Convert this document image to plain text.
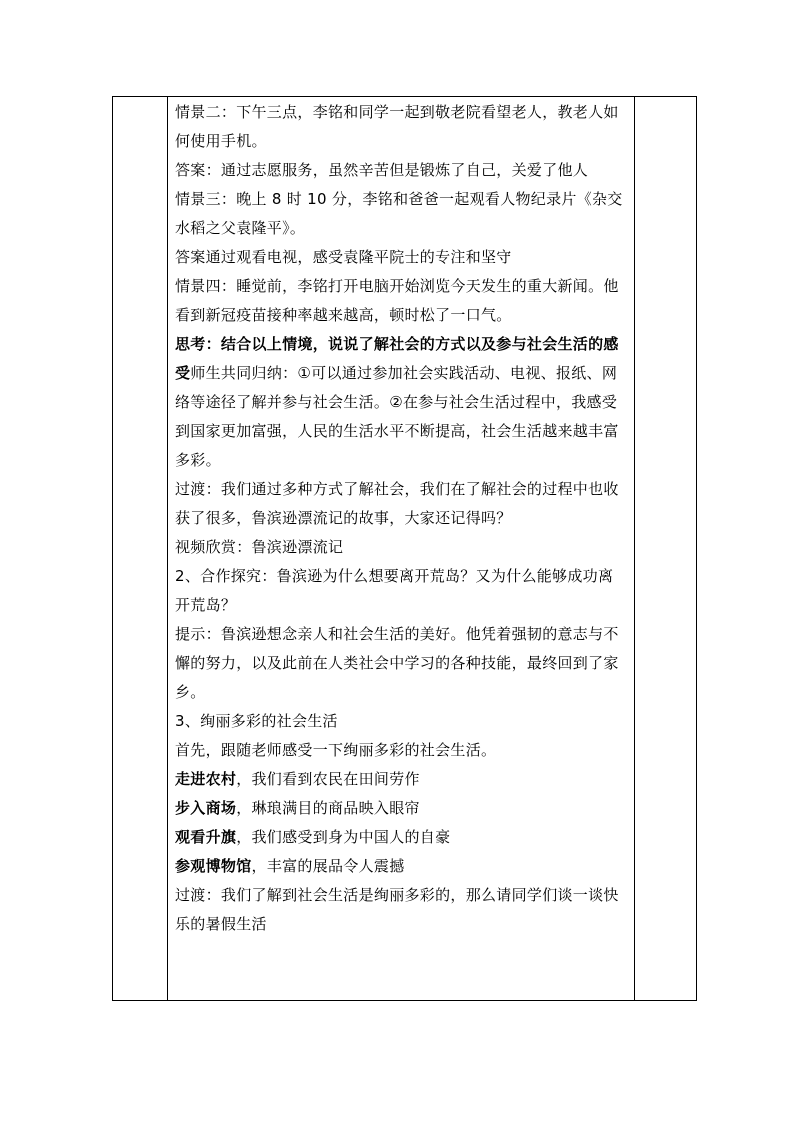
情景二：下午三点，李铭和同学一起到敬老院看望老人，教老人如何使用手机。

答案：通过志愿服务，虽然辛苦但是锻炼了自己，关爱了他人

情景三：晚上 8 时 10 分，李铭和爸爸一起观看人物纪录片《杂交水稻之父袁隆平》。

答案通过观看电视，感受袁隆平院士的专注和坚守

情景四：睡觉前，李铭打开电脑开始浏览今天发生的重大新闻。他看到新冠疫苗接种率越来越高，顿时松了一口气。

思考：结合以上情境，说说了解社会的方式以及参与社会生活的感受师生共同归纳：①可以通过参加社会实践活动、电视、报纸、网络等途径了解并参与社会生活。②在参与社会生活过程中，我感受到国家更加富强，人民的生活水平不断提高，社会生活越来越丰富多彩。

过渡：我们通过多种方式了解社会，我们在了解社会的过程中也收获了很多，鲁滨逊漂流记的故事，大家还记得吗？

视频欣赏：鲁滨逊漂流记

2、合作探究：鲁滨逊为什么想要离开荒岛？又为什么能够成功离开荒岛？

提示：鲁滨逊想念亲人和社会生活的美好。他凭着强韧的意志与不懈的努力，以及此前在人类社会中学习的各种技能，最终回到了家乡。

3、绚丽多彩的社会生活

首先，跟随老师感受一下绚丽多彩的社会生活。

走进农村，我们看到农民在田间劳作

步入商场，琳琅满目的商品映入眼帘

观看升旗，我们感受到身为中国人的自豪

参观博物馆，丰富的展品令人震撼

过渡：我们了解到社会生活是绚丽多彩的，那么请同学们谈一谈快乐的暑假生活
